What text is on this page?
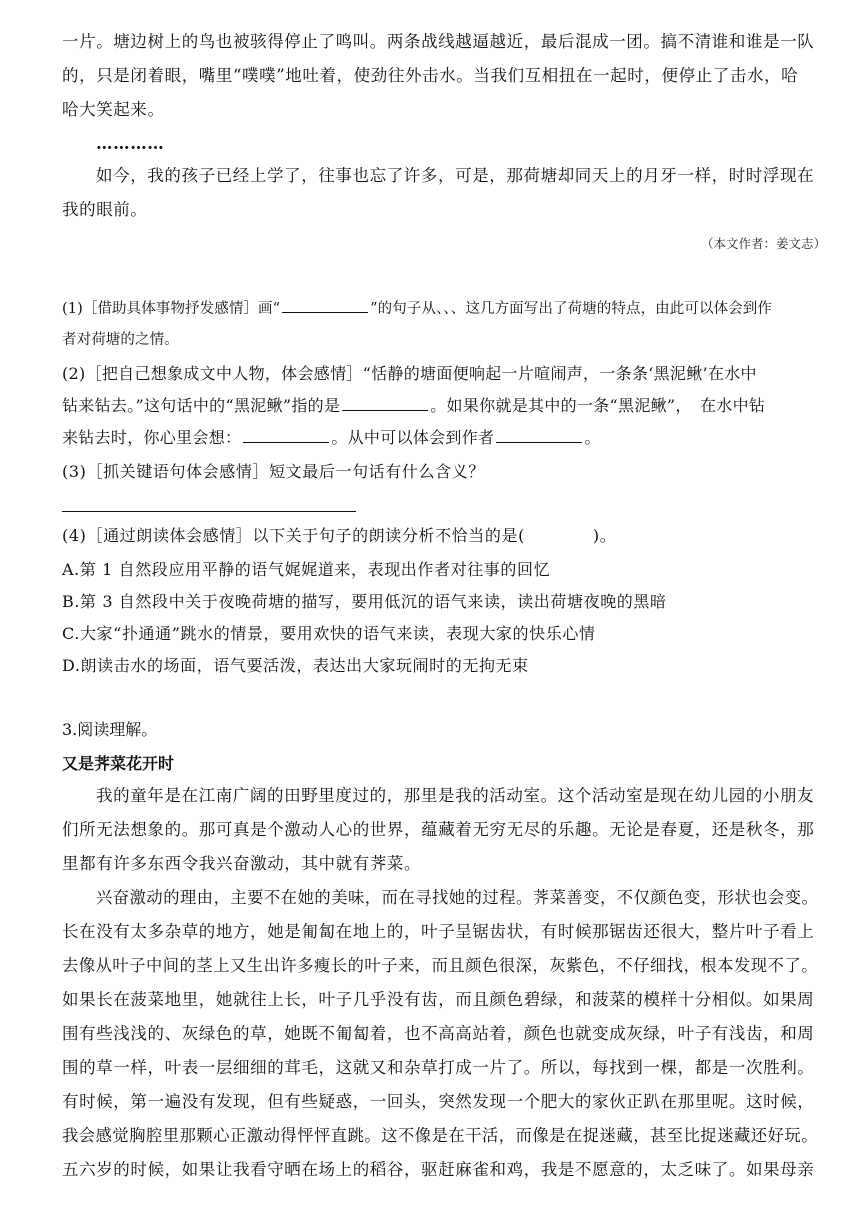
一片。塘边树上的鸟也被骇得停止了鸣叫。两条战线越逼越近，最后混成一团。搞不清谁和谁是一队
的，只是闭着眼，嘴里“噗噗”地吐着，使劲往外击水。当我们互相扭在一起时，便停止了击水，哈
哈大笑起来。
…………
如今，我的孩子已经上学了，往事也忘了许多，可是，那荷塘却同天上的月牙一样，时时浮现在
我的眼前。
（本文作者：姜文志）
(1)［借助具体事物抒发感情］画“	”的句子从、、、这几方面写出了荷塘的特点，由此可以体会到作
者对荷塘的之情。
(2)［把自己想象成文中人物，体会感情］“恬静的塘面便响起一片喧闹声，一条条‘黑泥鳅’在水中
钻来钻去。”这句话中的“黑泥鳅”指的是	。如果你就是其中的一条“黑泥鳅”，　在水中钻
来钻去时，你心里会想：	。从中可以体会到作者	。
(3)［抓关键语句体会感情］短文最后一句话有什么含义？
(4)［通过朗读体会感情］以下关于句子的朗读分析不恰当的是(	)。
A.第 1 自然段应用平静的语气娓娓道来，表现出作者对往事的回忆
B.第 3 自然段中关于夜晚荷塘的描写，要用低沉的语气来读，读出荷塘夜晚的黑暗
C.大家“扑通通”跳水的情景，要用欢快的语气来读，表现大家的快乐心情
D.朗读击水的场面，语气要活泼，表达出大家玩闹时的无拘无束
3.阅读理解。
又是荠菜花开时
我的童年是在江南广阔的田野里度过的，那里是我的活动室。这个活动室是现在幼儿园的小朋友
们所无法想象的。那可真是个激动人心的世界，蕴藏着无穷无尽的乐趣。无论是春夏，还是秋冬，那
里都有许多东西令我兴奋激动，其中就有荠菜。
兴奋激动的理由，主要不在她的美味，而在寻找她的过程。荠菜善变，不仅颜色变，形状也会变。
长在没有太多杂草的地方，她是匍匐在地上的，叶子呈锯齿状，有时候那锯齿还很大，整片叶子看上
去像从叶子中间的茎上又生出许多瘦长的叶子来，而且颜色很深，灰紫色，不仔细找，根本发现不了。
如果长在菠菜地里，她就往上长，叶子几乎没有齿，而且颜色碧绿，和菠菜的模样十分相似。如果周
围有些浅浅的、灰绿色的草，她既不匍匐着，也不高高站着，颜色也就变成灰绿，叶子有浅齿，和周
围的草一样，叶表一层细细的茸毛，这就又和杂草打成一片了。所以，每找到一棵，都是一次胜利。
有时候，第一遍没有发现，但有些疑惑，一回头，突然发现一个肥大的家伙正趴在那里呢。这时候，
我会感觉胸腔里那颗心正激动得怦怦直跳。这不像是在干活，而像是在捉迷藏，甚至比捉迷藏还好玩。
五六岁的时候，如果让我看守晒在场上的稻谷，驱赶麻雀和鸡，我是不愿意的，太乏味了。如果母亲
